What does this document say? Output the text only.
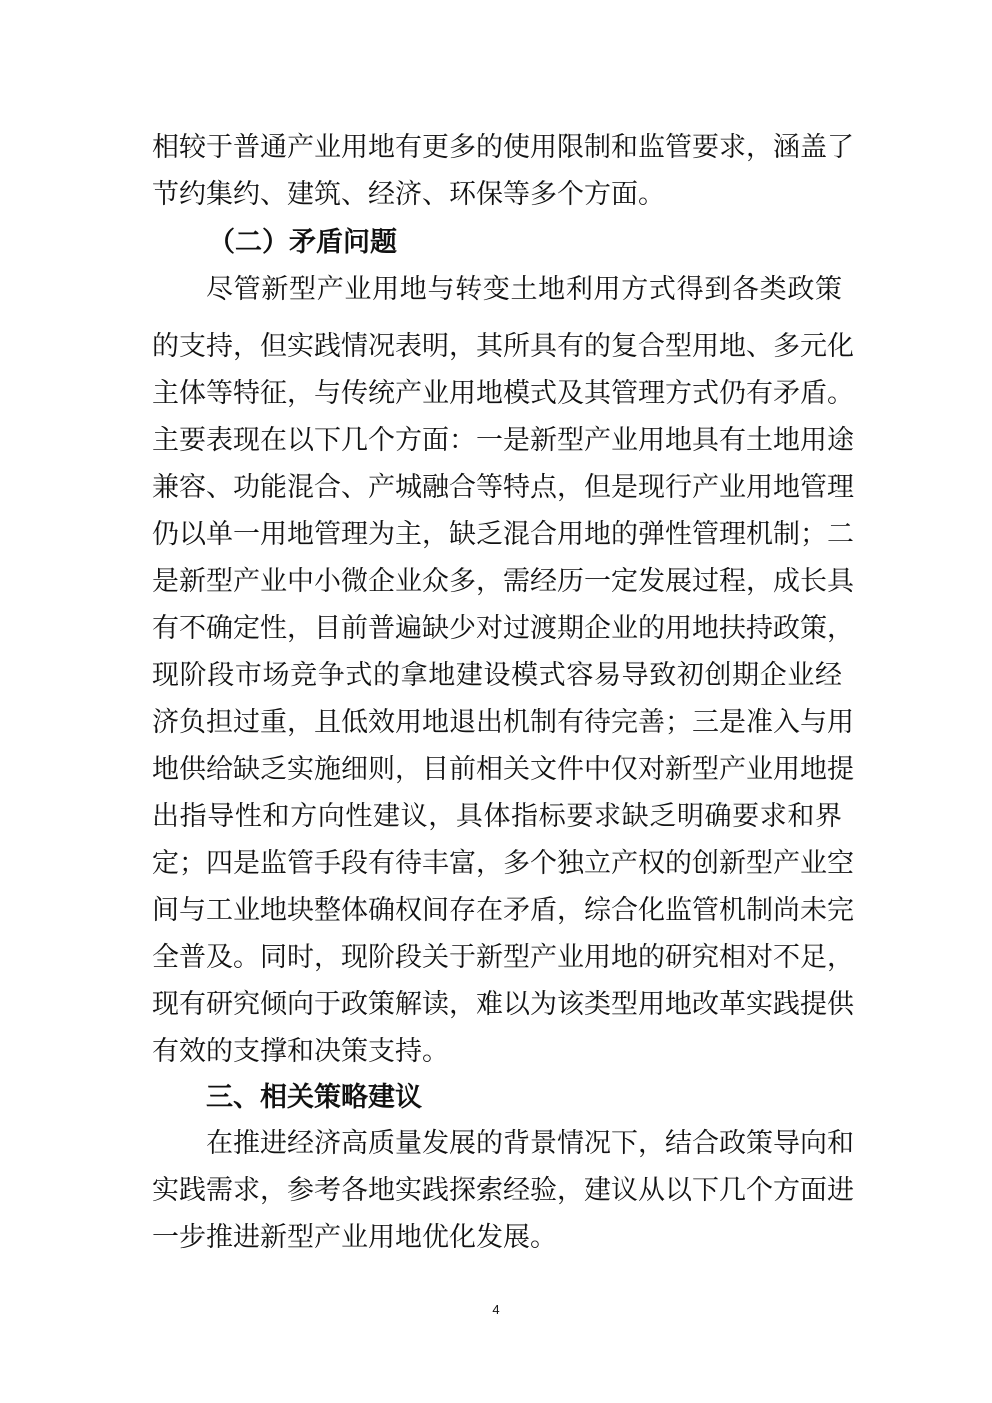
相较于普通产业用地有更多的使用限制和监管要求，涵盖了
节约集约、建筑、经济、环保等多个方面。
（二）矛盾问题
尽管新型产业用地与转变土地利用方式得到各类政策
的支持，但实践情况表明，其所具有的复合型用地、多元化
主体等特征，与传统产业用地模式及其管理方式仍有矛盾。
主要表现在以下几个方面：一是新型产业用地具有土地用途
兼容、功能混合、产城融合等特点，但是现行产业用地管理
仍以单一用地管理为主，缺乏混合用地的弹性管理机制；二
是新型产业中小微企业众多，需经历一定发展过程，成长具
有不确定性，目前普遍缺少对过渡期企业的用地扶持政策，
现阶段市场竞争式的拿地建设模式容易导致初创期企业经
济负担过重，且低效用地退出机制有待完善；三是准入与用
地供给缺乏实施细则，目前相关文件中仅对新型产业用地提
出指导性和方向性建议，具体指标要求缺乏明确要求和界
定；四是监管手段有待丰富，多个独立产权的创新型产业空
间与工业地块整体确权间存在矛盾，综合化监管机制尚未完
全普及。同时，现阶段关于新型产业用地的研究相对不足，
现有研究倾向于政策解读，难以为该类型用地改革实践提供
有效的支撑和决策支持。
三、相关策略建议
在推进经济高质量发展的背景情况下，结合政策导向和
实践需求，参考各地实践探索经验，建议从以下几个方面进
一步推进新型产业用地优化发展。
4
